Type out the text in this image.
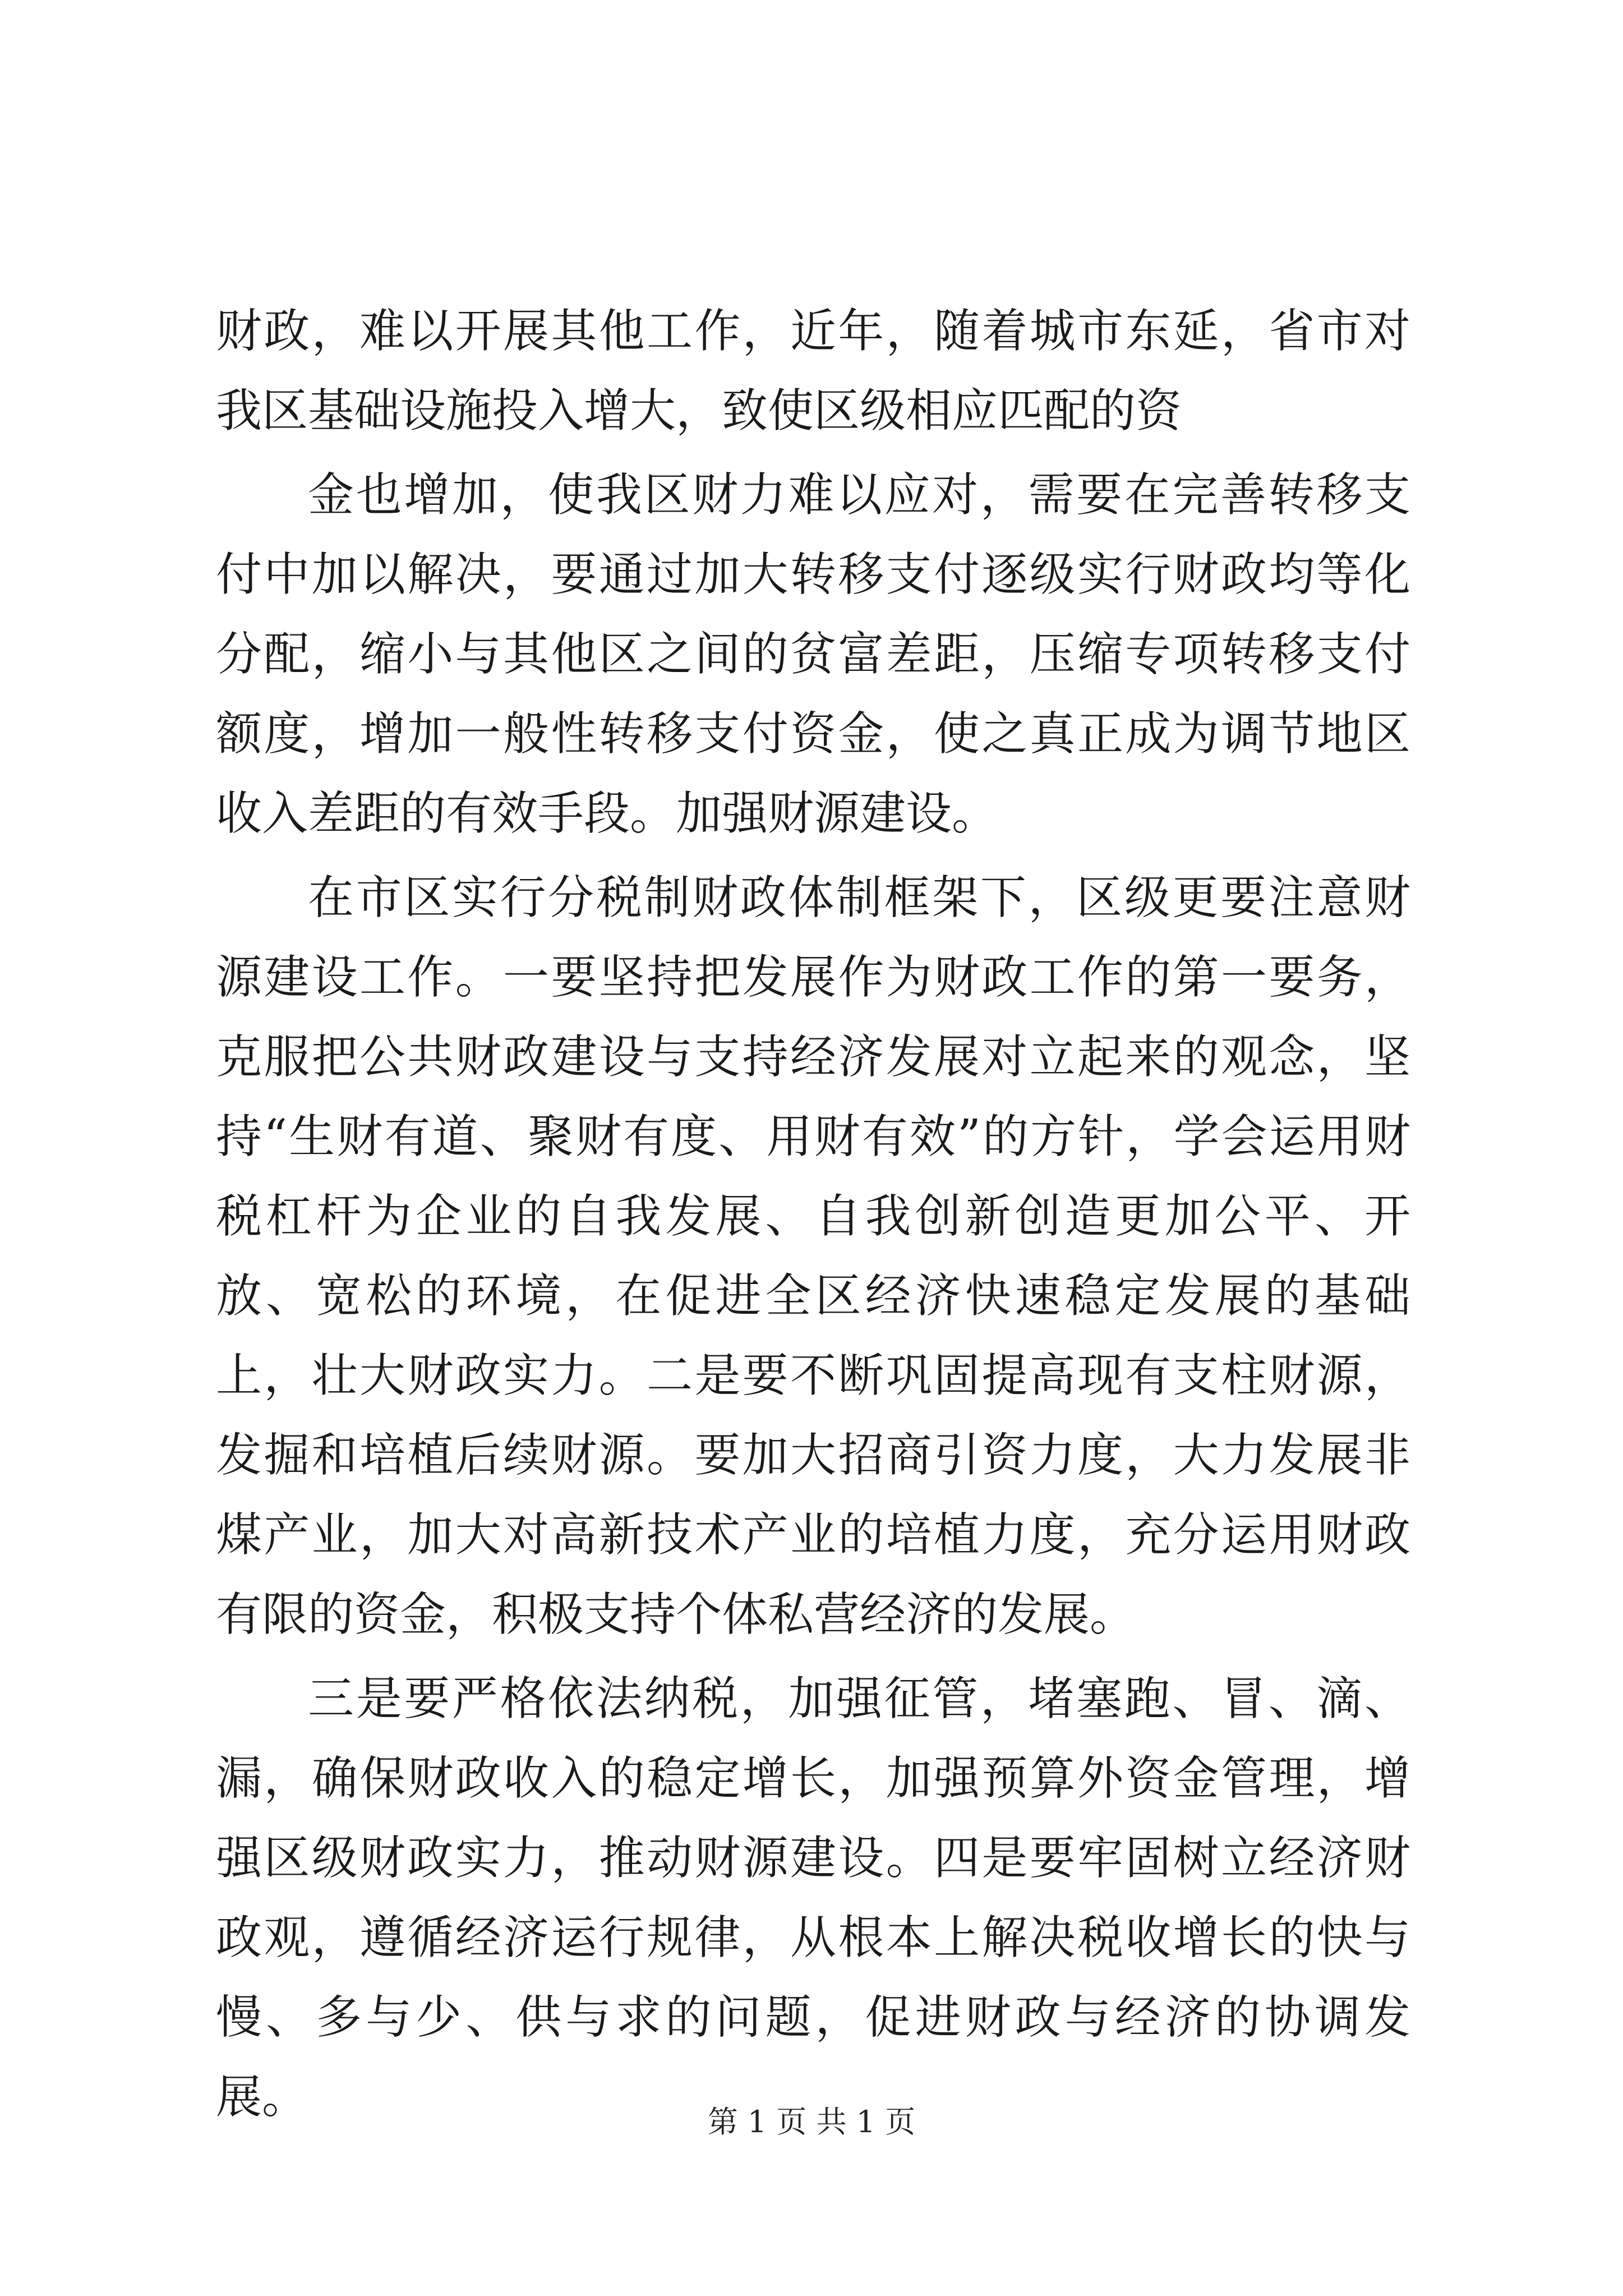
财政，难以开展其他工作，近年，随着城市东延，省市对我区基础设施投入增大，致使区级相应匹配的资

金也增加，使我区财力难以应对，需要在完善转移支付中加以解决，要通过加大转移支付逐级实行财政均等化分配，缩小与其他区之间的贫富差距，压缩专项转移支付额度，增加一般性转移支付资金，使之真正成为调节地区收入差距的有效手段。加强财源建设。

在市区实行分税制财政体制框架下，区级更要注意财源建设工作。一要坚持把发展作为财政工作的第一要务，克服把公共财政建设与支持经济发展对立起来的观念，坚持“生财有道、聚财有度、用财有效”的方针，学会运用财税杠杆为企业的自我发展、自我创新创造更加公平、开放、宽松的环境，在促进全区经济快速稳定发展的基础上，壮大财政实力。二是要不断巩固提高现有支柱财源，发掘和培植后续财源。要加大招商引资力度，大力发展非煤产业，加大对高新技术产业的培植力度，充分运用财政有限的资金，积极支持个体私营经济的发展。

三是要严格依法纳税，加强征管，堵塞跑、冒、滴、漏，确保财政收入的稳定增长，加强预算外资金管理，增强区级财政实力，推动财源建设。四是要牢固树立经济财政观，遵循经济运行规律，从根本上解决税收增长的快与慢、多与少、供与求的问题，促进财政与经济的协调发展。	第 1 页 共 1 页
